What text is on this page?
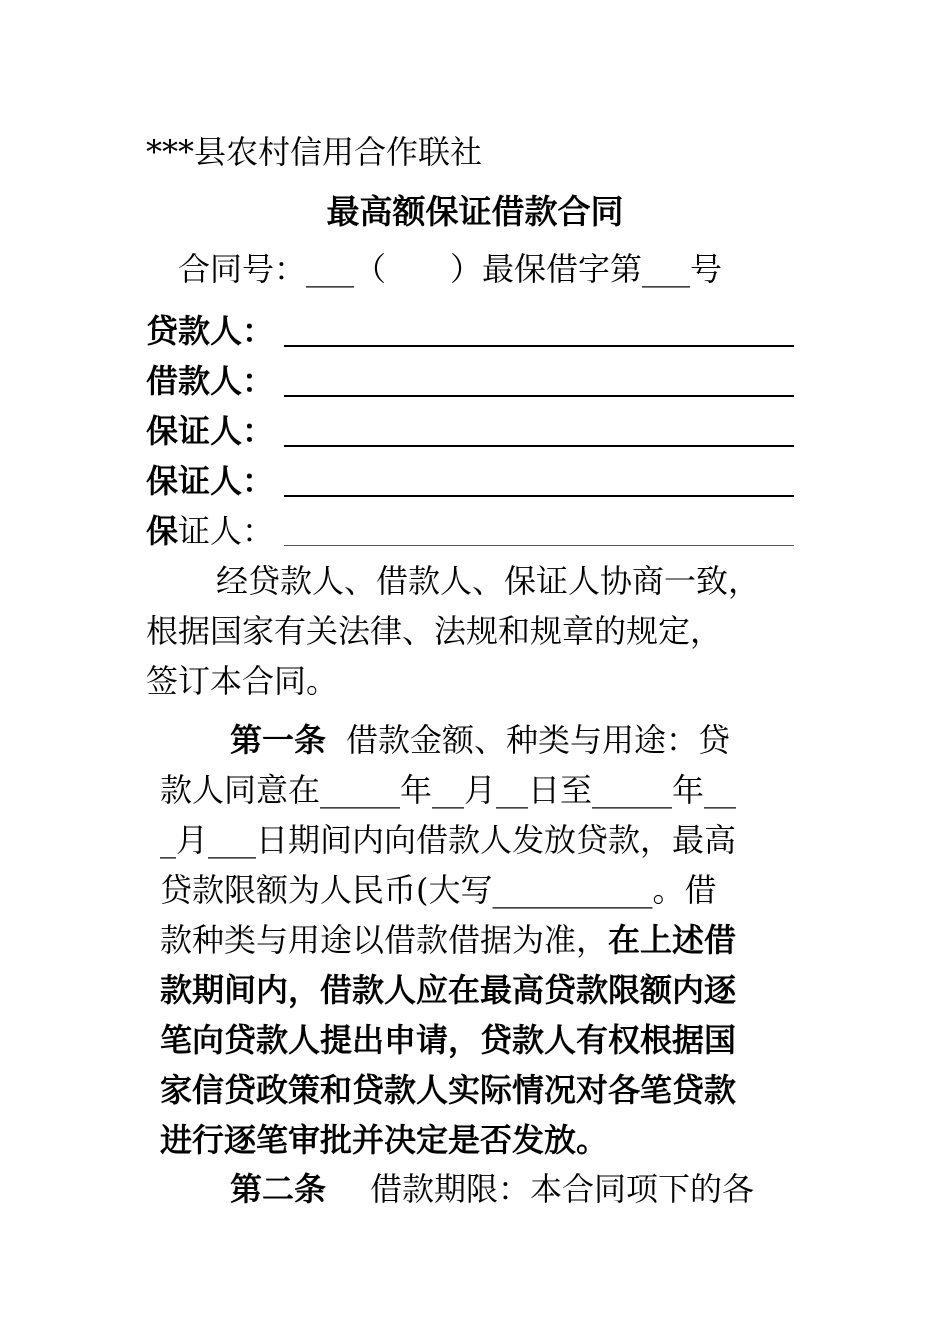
***县农村信用合作联社
最高额保证借款合同
合同号：___（　　）最保借字第___号
贷款人：
借款人：
保证人：
保证人：
保证人：
经贷款人、借款人、保证人协商一致，
根据国家有关法律、法规和规章的规定，
签订本合同。
第一条 借款金额、种类与用途：贷
款人同意在_____年__月__日至_____年__
_月___日期间内向借款人发放贷款，最高
贷款限额为人民币(大写__________。借
款种类与用途以借款借据为准，在上述借
款期间内，借款人应在最高贷款限额内逐
笔向贷款人提出申请，贷款人有权根据国
家信贷政策和贷款人实际情况对各笔贷款
进行逐笔审批并决定是否发放。
第二条 借款期限：本合同项下的各
